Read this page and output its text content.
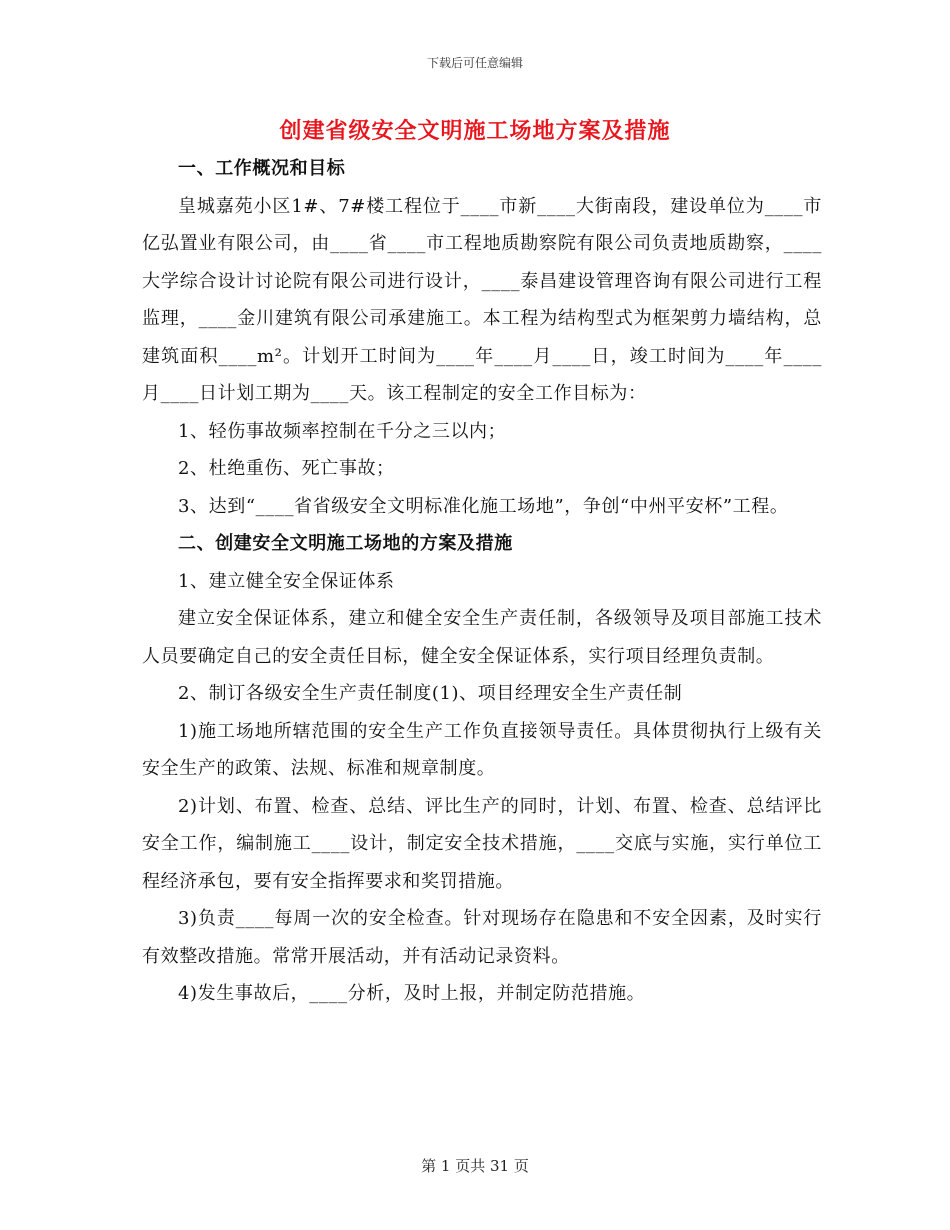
下载后可任意编辑
创建省级安全文明施工场地方案及措施

一、工作概况和目标

皇城嘉苑小区1#、7#楼工程位于____市新____大街南段，建设单位为____市亿弘置业有限公司，由____省____市工程地质勘察院有限公司负责地质勘察，____大学综合设计讨论院有限公司进行设计，____泰昌建设管理咨询有限公司进行工程监理，____金川建筑有限公司承建施工。本工程为结构型式为框架剪力墙结构，总建筑面积____m²。计划开工时间为____年____月____日，竣工时间为____年____月____日计划工期为____天。该工程制定的安全工作目标为：

1、轻伤事故频率控制在千分之三以内；

2、杜绝重伤、死亡事故；

3、达到“____省省级安全文明标准化施工场地”，争创“中州平安杯”工程。

二、创建安全文明施工场地的方案及措施

1、建立健全安全保证体系

建立安全保证体系，建立和健全安全生产责任制，各级领导及项目部施工技术人员要确定自己的安全责任目标，健全安全保证体系，实行项目经理负责制。

2、制订各级安全生产责任制度(1)、项目经理安全生产责任制

1)施工场地所辖范围的安全生产工作负直接领导责任。具体贯彻执行上级有关安全生产的政策、法规、标准和规章制度。

2)计划、布置、检查、总结、评比生产的同时，计划、布置、检查、总结评比安全工作，编制施工____设计，制定安全技术措施，____交底与实施，实行单位工程经济承包，要有安全指挥要求和奖罚措施。

3)负责____每周一次的安全检查。针对现场存在隐患和不安全因素，及时实行有效整改措施。常常开展活动，并有活动记录资料。

4)发生事故后，____分析，及时上报，并制定防范措施。

第 1 页共 31 页
